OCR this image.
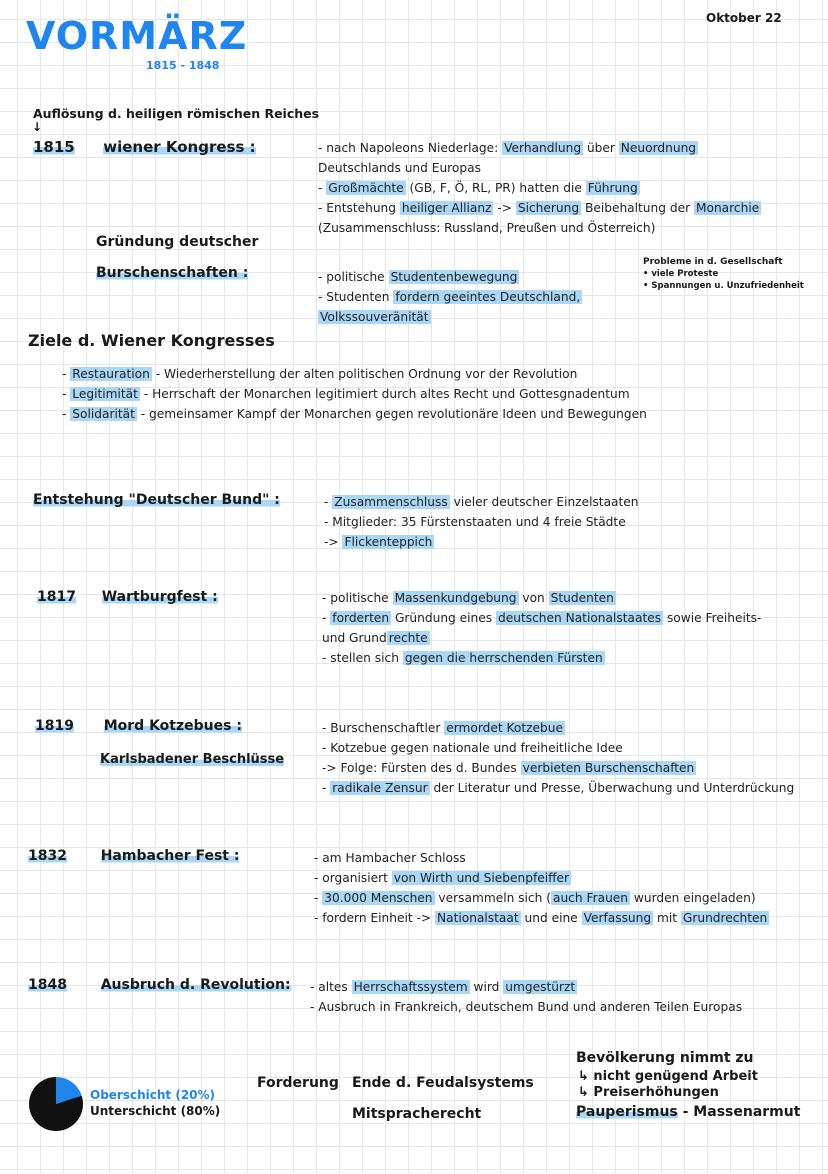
VORMÄRZ
1815 - 1848
Oktober 22
Auflösung d. heiligen römischen Reiches
↓
1815 wiener Kongress :	- nach Napoleons Niederlage: Verhandlung über Neuordnung
Deutschlands und Europas
- Großmächte (GB, F, Ö, RL, PR) hatten die Führung
- Entstehung heiliger Allianz -> Sicherung Beibehaltung der Monarchie
(Zusammenschluss: Russland, Preußen und Österreich)
Gründung deutscher
Burschenschaften :	- politische Studentenbewegung
- Studenten fordern geeintes Deutschland,
Volkssouveränität
Probleme in d. Gesellschaft
• viele Proteste
• Spannungen u. Unzufriedenheit
Ziele d. Wiener Kongresses
- Restauration - Wiederherstellung der alten politischen Ordnung vor der Revolution
- Legitimität - Herrschaft der Monarchen legitimiert durch altes Recht und Gottesgnadentum
- Solidarität - gemeinsamer Kampf der Monarchen gegen revolutionäre Ideen und Bewegungen
Entstehung "Deutscher Bund" :	- Zusammenschluss vieler deutscher Einzelstaaten
- Mitglieder: 35 Fürstenstaaten und 4 freie Städte
-> Flickenteppich
1817 Wartburgfest :	- politische Massenkundgebung von Studenten
- forderten Gründung eines deutschen Nationalstaates sowie Freiheits-
und Grund rechte
- stellen sich gegen die herrschenden Fürsten
1819 Mord Kotzebues :
Karlsbadener Beschlüsse
- Burschenschaftler ermordet Kotzebue
- Kotzebue gegen nationale und freiheitliche Idee
-> Folge: Fürsten des d. Bundes verbieten Burschenschaften
- radikale Zensur der Literatur und Presse, Überwachung und Unterdrückung
1832 Hambacher Fest :	- am Hambacher Schloss
- organisiert von Wirth und Siebenpfeiffer
- 30.000 Menschen versammeln sich ( auch Frauen wurden eingeladen)
- fordern Einheit -> Nationalstaat und eine Verfassung mit Grundrechten
1848 Ausbruch d. Revolution: - altes Herrschaftssystem wird umgestürzt
- Ausbruch in Frankreich, deutschem Bund und anderen Teilen Europas
Oberschicht (20%)
Unterschicht (80%)
Forderung Ende d. Feudalsystems
Mitspracherecht
Bevölkerung nimmt zu
↳ nicht genügend Arbeit
↳ Preiserhöhungen
Pauperismus - Massenarmut
